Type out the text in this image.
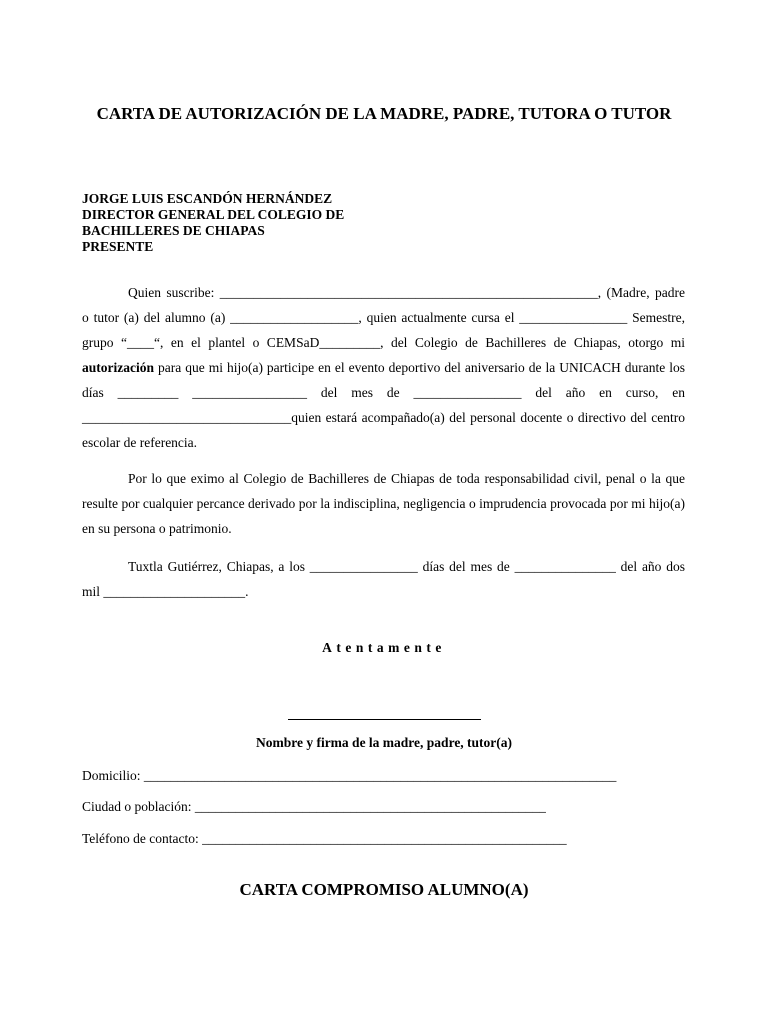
CARTA DE AUTORIZACIÓN DE LA MADRE, PADRE, TUTORA O TUTOR
JORGE LUIS ESCANDÓN HERNÁNDEZ
DIRECTOR GENERAL DEL COLEGIO DE
BACHILLERES DE CHIAPAS
PRESENTE

Quien suscribe: ________________________________________________________, (Madre, padre o tutor (a) del alumno (a) ___________________, quien actualmente cursa el ________________ Semestre, grupo “____“, en el plantel o CEMSaD_________, del Colegio de Bachilleres de Chiapas, otorgo mi autorización para que mi hijo(a) participe en el evento deportivo del aniversario de la UNICACH durante los días _________ _________________ del mes de ________________ del año en curso, en _______________________________quien estará acompañado(a) del personal docente o directivo del centro escolar de referencia.

Por lo que eximo al Colegio de Bachilleres de Chiapas de toda responsabilidad civil, penal o la que resulte por cualquier percance derivado por la indisciplina, negligencia o imprudencia provocada por mi hijo(a) en su persona o patrimonio.

Tuxtla Gutiérrez, Chiapas, a los ________________ días del mes de _______________ del año dos mil _____________________.

Atentamente
Nombre y firma de la madre, padre, tutor(a)
Domicilio: ______________________________________________________________________
Ciudad o población: ____________________________________________________
Teléfono de contacto: ______________________________________________________
CARTA COMPROMISO ALUMNO(A)
